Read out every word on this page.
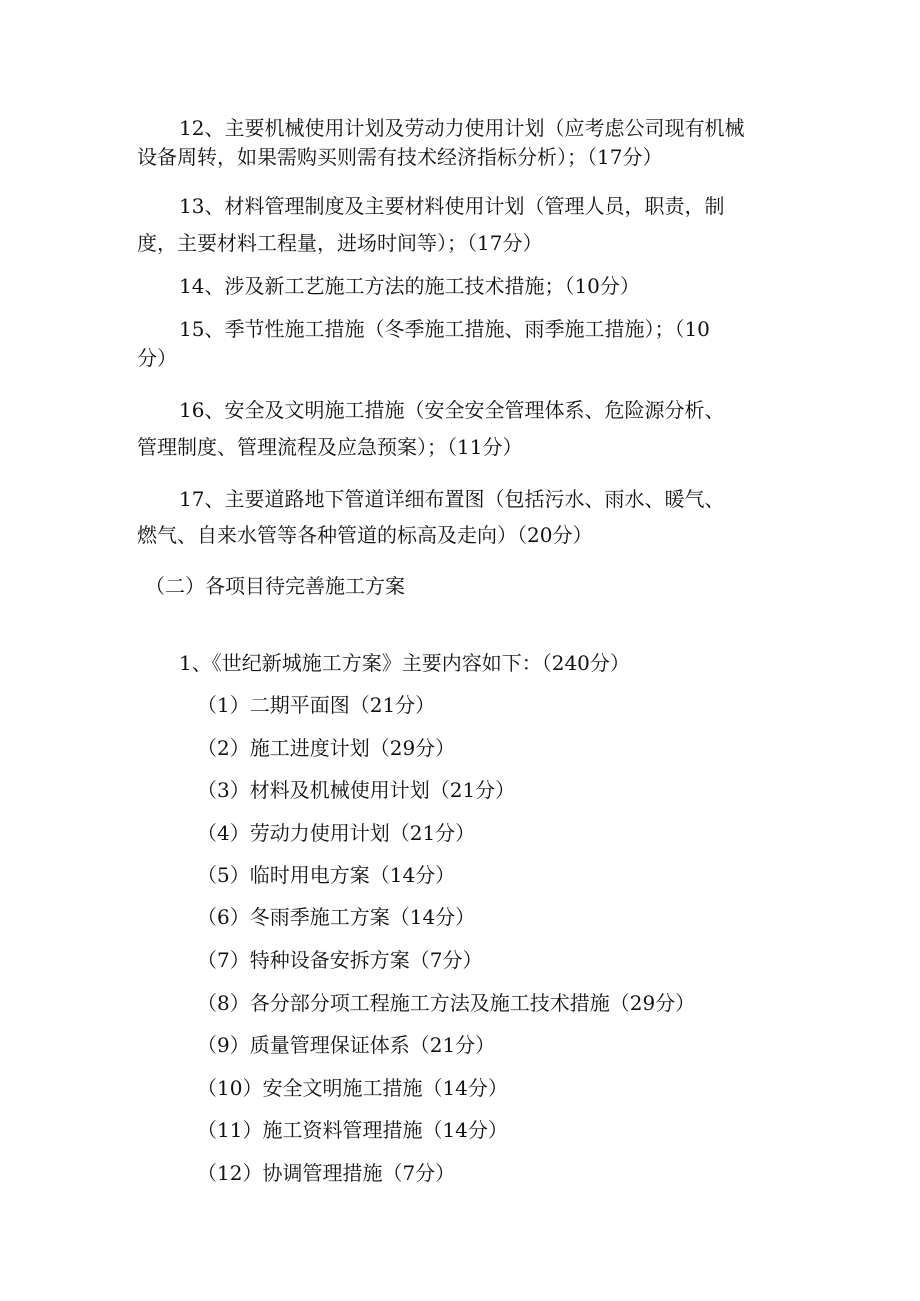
12、主要机械使用计划及劳动力使用计划（应考虑公司现有机械
设备周转，如果需购买则需有技术经济指标分析）；（17分）
13、材料管理制度及主要材料使用计划（管理人员，职责，制
度，主要材料工程量，进场时间等）；（17分）
14、涉及新工艺施工方法的施工技术措施；（10分）
15、季节性施工措施（冬季施工措施、雨季施工措施）；（10
分）
16、安全及文明施工措施（安全安全管理体系、危险源分析、
管理制度、管理流程及应急预案）；（11分）
17、主要道路地下管道详细布置图（包括污水、雨水、暖气、
燃气、自来水管等各种管道的标高及走向）（20分）
（二）各项目待完善施工方案
1、《世纪新城施工方案》主要内容如下：（240分）
（1）二期平面图（21分）
（2）施工进度计划（29分）
（3）材料及机械使用计划（21分）
（4）劳动力使用计划（21分）
（5）临时用电方案（14分）
（6）冬雨季施工方案（14分）
（7）特种设备安拆方案（7分）
（8）各分部分项工程施工方法及施工技术措施（29分）
（9）质量管理保证体系（21分）
（10）安全文明施工措施（14分）
（11）施工资料管理措施（14分）
（12）协调管理措施（7分）
